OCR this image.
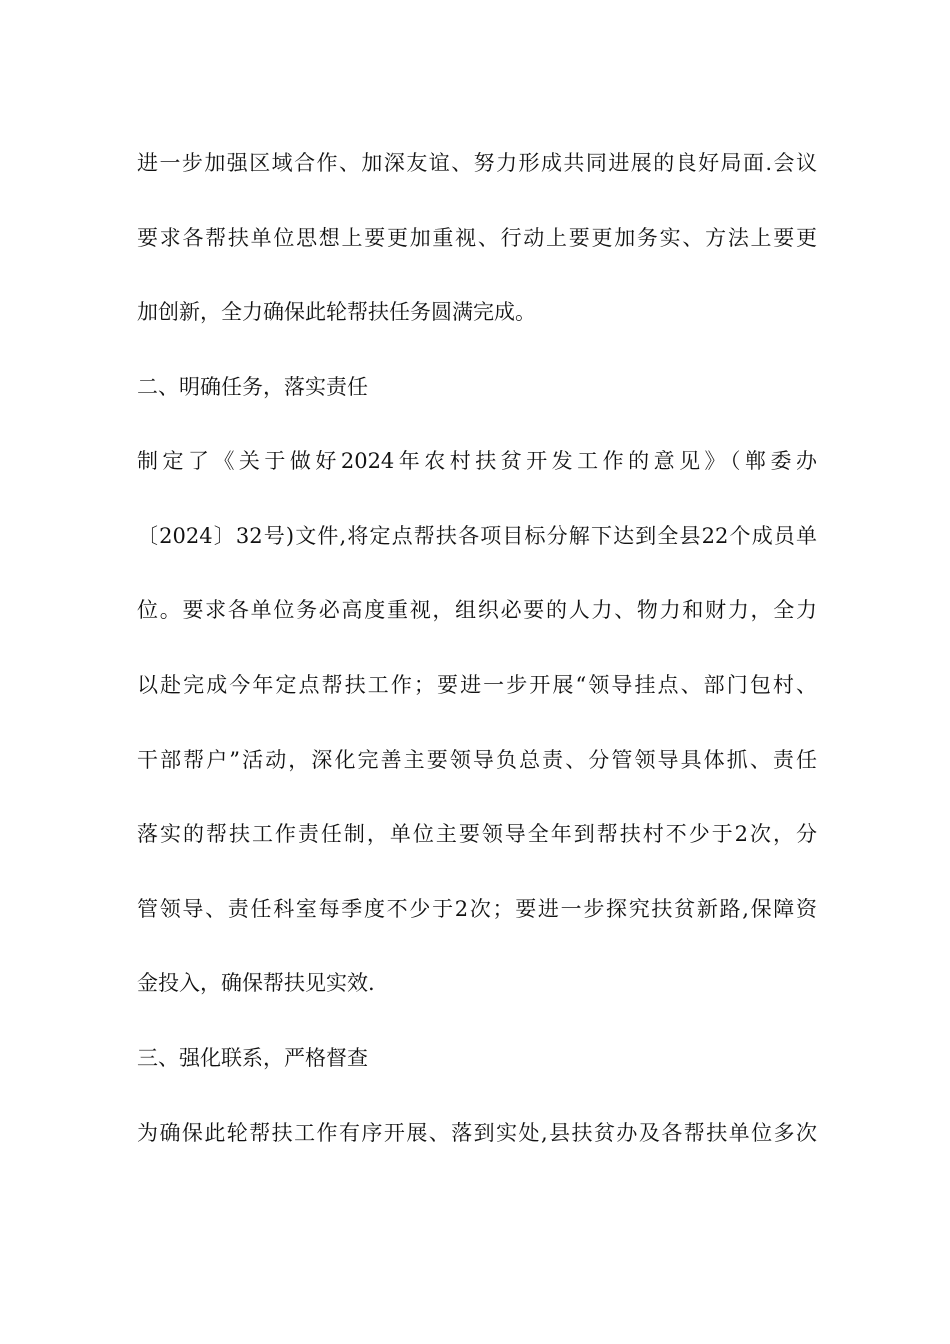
进一步加强区域合作、加深友谊、努力形成共同进展的良好局面.会议
要求各帮扶单位思想上要更加重视、行动上要更加务实、方法上要更
加创新，全力确保此轮帮扶任务圆满完成。
二、明确任务，落实责任
制定了《关于做好2024年农村扶贫开发工作的意见》（郸委办
〔2024〕32号)文件,将定点帮扶各项目标分解下达到全县22个成员单
位。要求各单位务必高度重视，组织必要的人力、物力和财力，全力
以赴完成今年定点帮扶工作；要进一步开展“领导挂点、部门包村、
干部帮户”活动，深化完善主要领导负总责、分管领导具体抓、责任
落实的帮扶工作责任制，单位主要领导全年到帮扶村不少于2次，分
管领导、责任科室每季度不少于2次；要进一步探究扶贫新路,保障资
金投入，确保帮扶见实效.
三、强化联系，严格督查
为确保此轮帮扶工作有序开展、落到实处,县扶贫办及各帮扶单位多次
